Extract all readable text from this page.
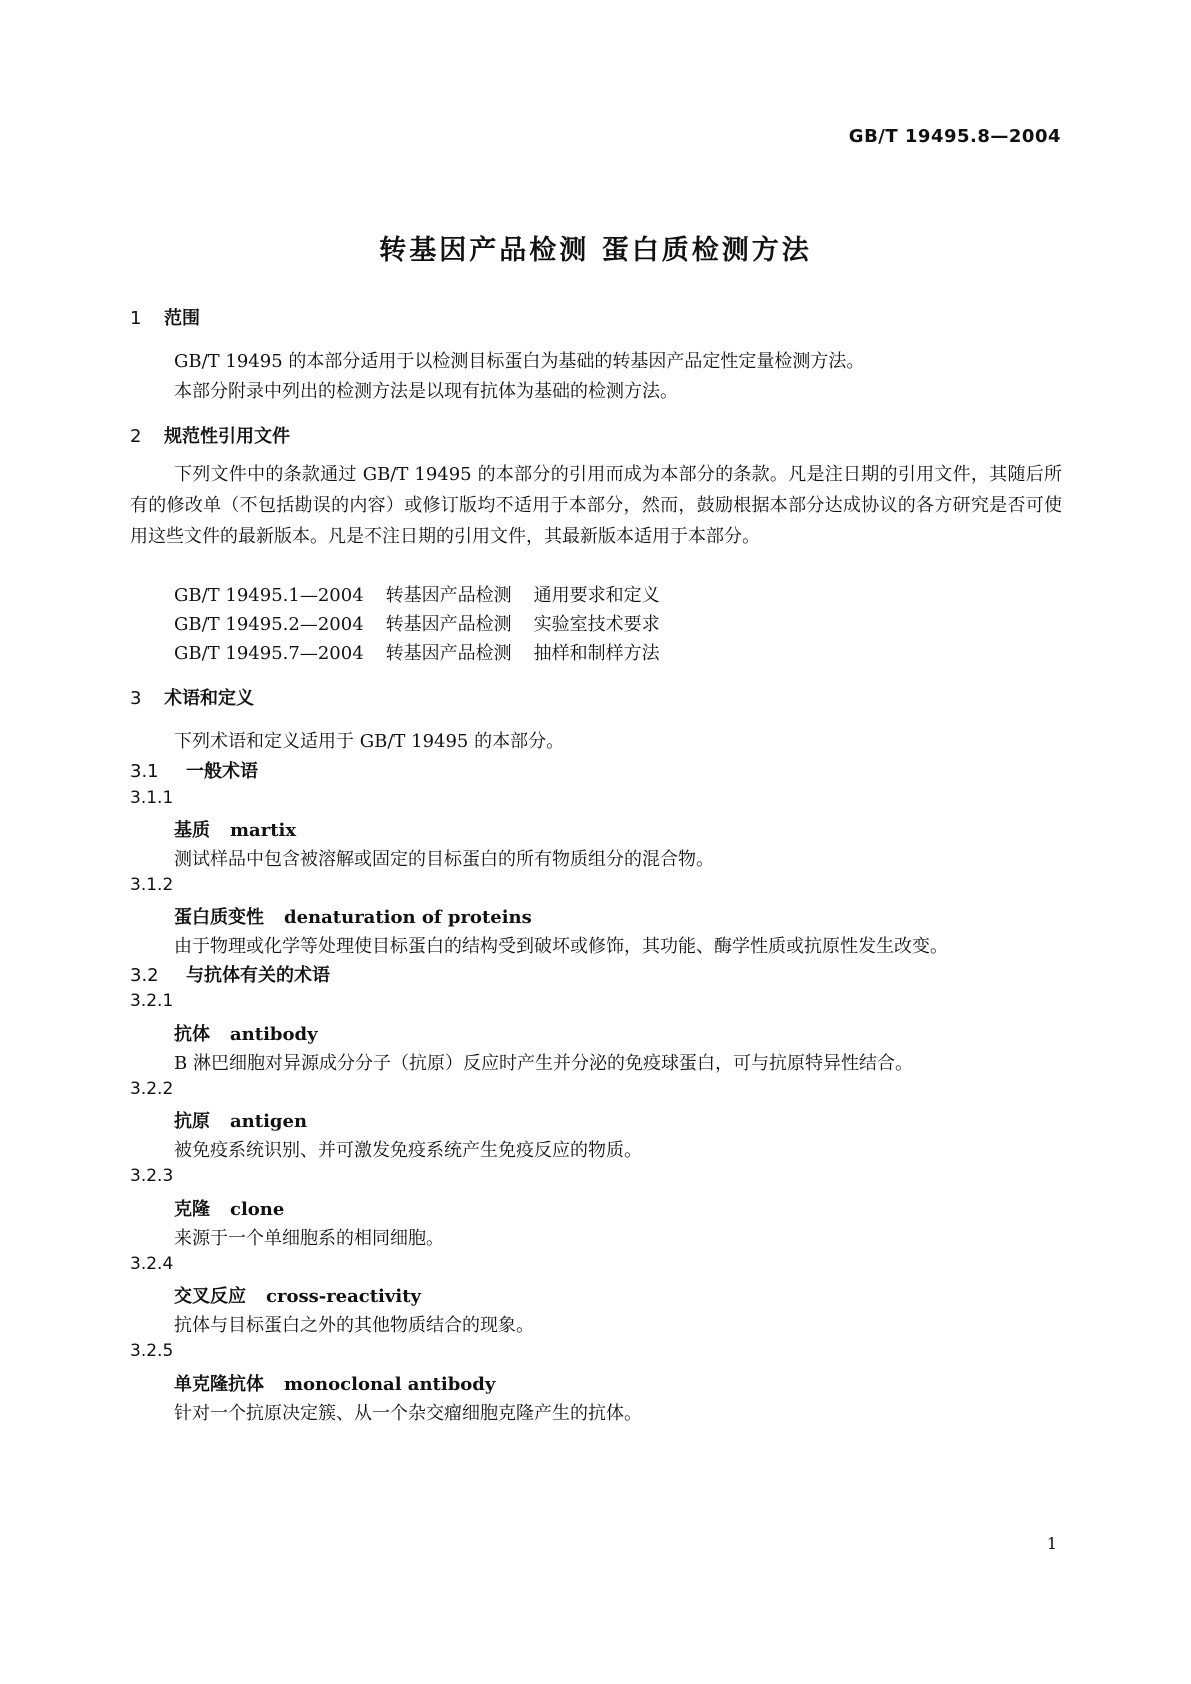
GB/T 19495.8—2004
转基因产品检测 蛋白质检测方法
1 范围
GB/T 19495 的本部分适用于以检测目标蛋白为基础的转基因产品定性定量检测方法。
本部分附录中列出的检测方法是以现有抗体为基础的检测方法。
2 规范性引用文件
下列文件中的条款通过 GB/T 19495 的本部分的引用而成为本部分的条款。凡是注日期的引用文件，其随后所有的修改单（不包括勘误的内容）或修订版均不适用于本部分，然而，鼓励根据本部分达成协议的各方研究是否可使用这些文件的最新版本。凡是不注日期的引用文件，其最新版本适用于本部分。
GB/T 19495.1—2004 转基因产品检测 通用要求和定义
GB/T 19495.2—2004 转基因产品检测 实验室技术要求
GB/T 19495.7—2004 转基因产品检测 抽样和制样方法
3 术语和定义
下列术语和定义适用于 GB/T 19495 的本部分。
3.1 一般术语
3.1.1
基质 martix
测试样品中包含被溶解或固定的目标蛋白的所有物质组分的混合物。
3.1.2
蛋白质变性 denaturation of proteins
由于物理或化学等处理使目标蛋白的结构受到破坏或修饰，其功能、酶学性质或抗原性发生改变。
3.2 与抗体有关的术语
3.2.1
抗体 antibody
B 淋巴细胞对异源成分分子（抗原）反应时产生并分泌的免疫球蛋白，可与抗原特异性结合。
3.2.2
抗原 antigen
被免疫系统识别、并可激发免疫系统产生免疫反应的物质。
3.2.3
克隆 clone
来源于一个单细胞系的相同细胞。
3.2.4
交叉反应 cross-reactivity
抗体与目标蛋白之外的其他物质结合的现象。
3.2.5
单克隆抗体 monoclonal antibody
针对一个抗原决定簇、从一个杂交瘤细胞克隆产生的抗体。
1
